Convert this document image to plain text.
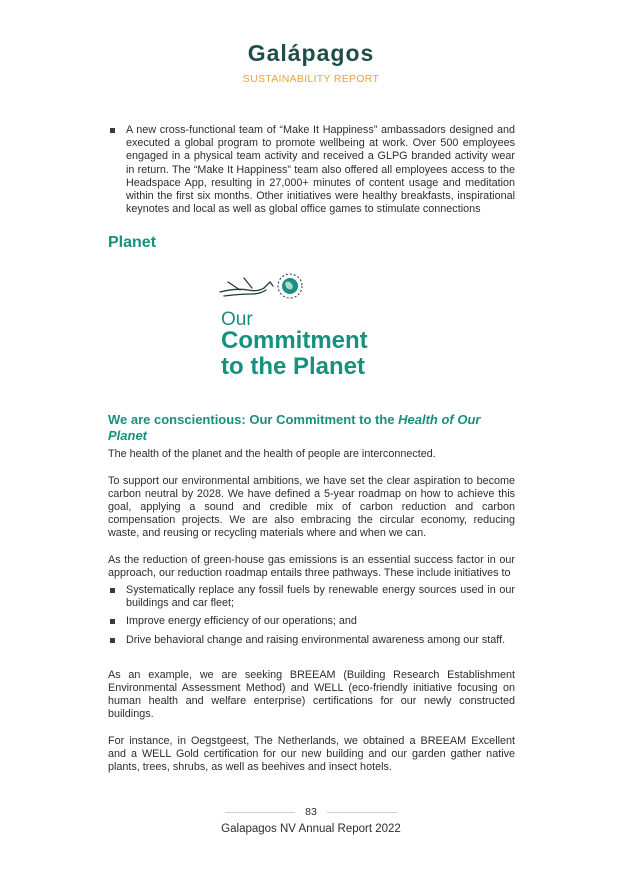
Galápagos
SUSTAINABILITY REPORT
A new cross-functional team of “Make It Happiness” ambassadors designed and executed a global program to promote wellbeing at work. Over 500 employees engaged in a physical team activity and received a GLPG branded activity wear in return. The “Make It Happiness” team also offered all employees access to the Headspace App, resulting in 27,000+ minutes of content usage and meditation within the first six months. Other initiatives were healthy breakfasts, inspirational keynotes and local as well as global office games to stimulate connections
Planet
Our
Commitment
to the Planet
We are conscientious: Our Commitment to the Health of Our Planet

The health of the planet and the health of people are interconnected.

To support our environmental ambitions, we have set the clear aspiration to become carbon neutral by 2028. We have defined a 5-year roadmap on how to achieve this goal, applying a sound and credible mix of carbon reduction and carbon compensation projects. We are also embracing the circular economy, reducing waste, and reusing or recycling materials where and when we can.

As the reduction of green-house gas emissions is an essential success factor in our approach, our reduction roadmap entails three pathways. These include initiatives to

Systematically replace any fossil fuels by renewable energy sources used in our buildings and car fleet;
Improve energy efficiency of our operations; and
Drive behavioral change and raising environmental awareness among our staff.

As an example, we are seeking BREEAM (Building Research Establishment Environmental Assessment Method) and WELL (eco-friendly initiative focusing on human health and welfare enterprise) certifications for our newly constructed buildings.

For instance, in Oegstgeest, The Netherlands, we obtained a BREEAM Excellent and a WELL Gold certification for our new building and our garden gather native plants, trees, shrubs, as well as beehives and insect hotels.

83
Galapagos NV Annual Report 2022
